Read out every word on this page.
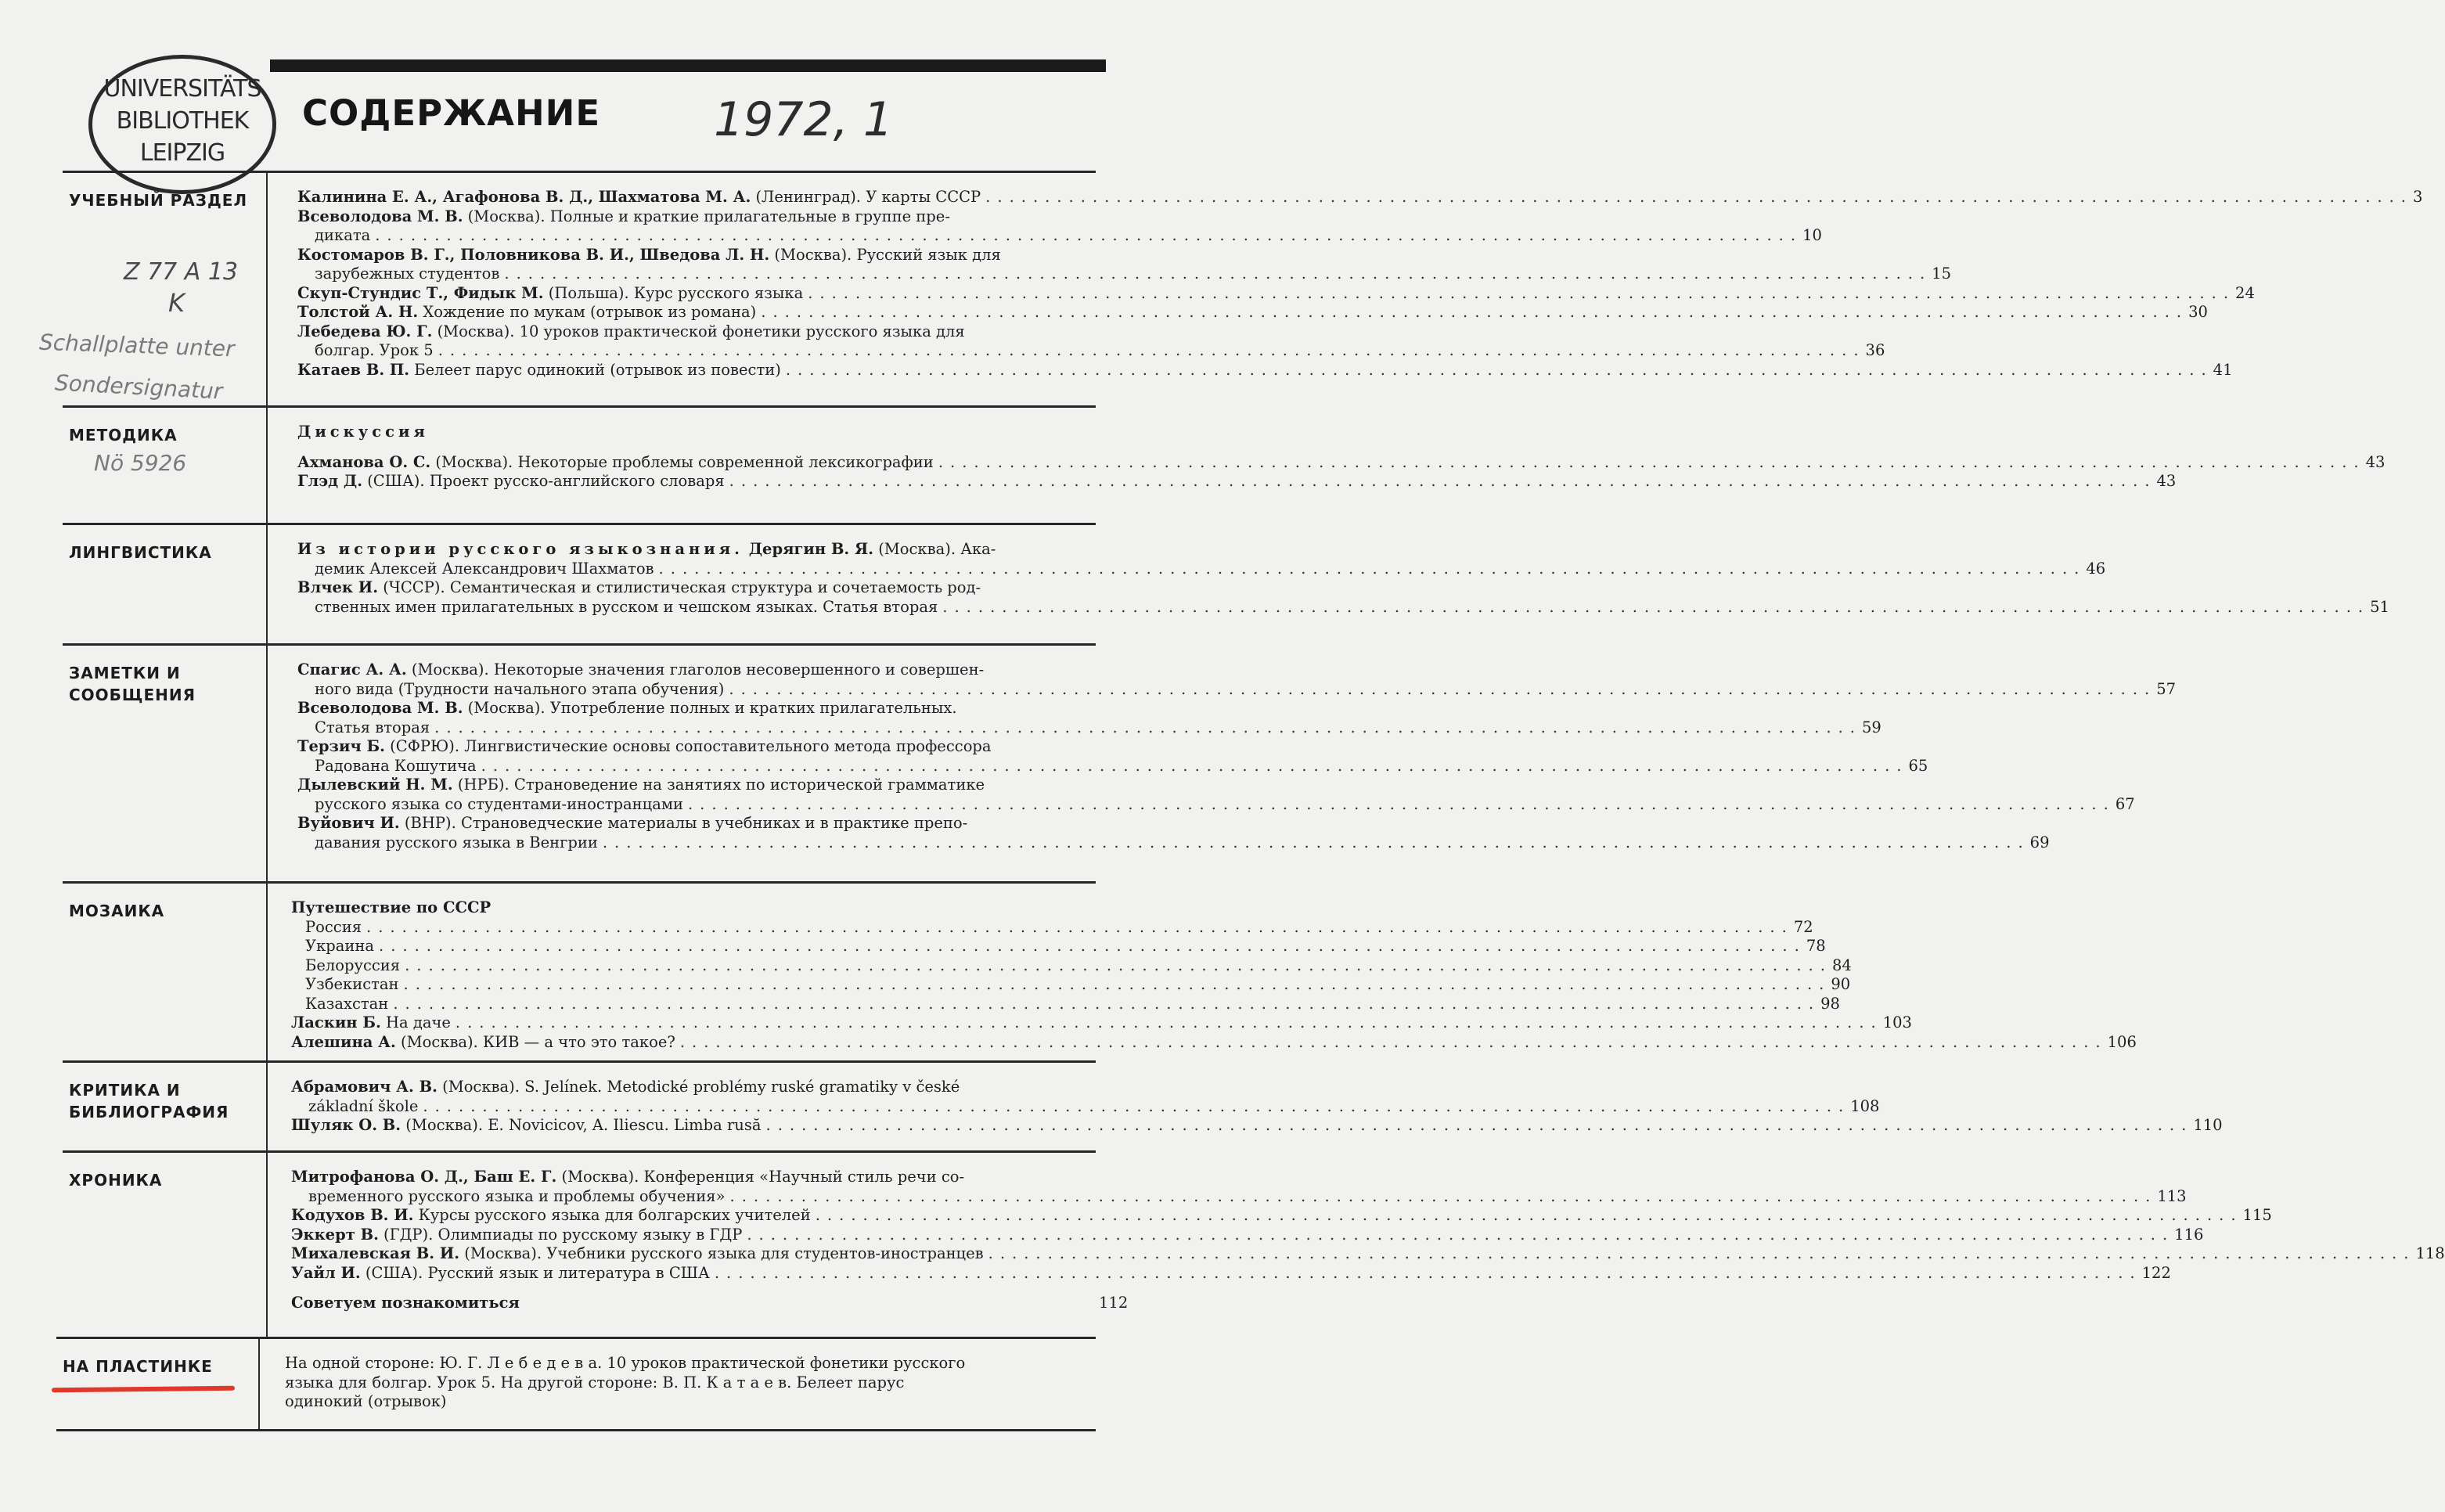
UNIVERSITÄTS
BIBLIOTHEK
LEIPZIG
СОДЕРЖАНИЕ 1972, 1
Z 77 A 13
K
Schallplatte unter
Sondersignatur
Nö 5926
УЧЕБНЫЙ РАЗДЕЛ	Калинина Е. А., Агафонова В. Д., Шахматова М. А. (Ленинград). У карты СССР ........................................................................................................................ 3
Всеволодова М. В. (Москва). Полные и краткие прилагательные в группе пре-
диката ........................................................................................................................ 10
Костомаров В. Г., Половникова В. И., Шведова Л. Н. (Москва). Русский язык для
зарубежных студентов ........................................................................................................................ 15
Скуп-Стундис Т., Фидык М. (Польша). Курс русского языка ........................................................................................................................ 24
Толстой А. Н. Хождение по мукам (отрывок из романа) ........................................................................................................................ 30
Лебедева Ю. Г. (Москва). 10 уроков практической фонетики русского языка для
болгар. Урок 5 ........................................................................................................................ 36
Катаев В. П. Белеет парус одинокий (отрывок из повести) ........................................................................................................................ 41
МЕТОДИКА	Дискуссия
Ахманова О. С. (Москва). Некоторые проблемы современной лексикографии ........................................................................................................................ 43
Глэд Д. (США). Проект русско-английского словаря ........................................................................................................................ 43
ЛИНГВИСТИКА	Из истории русского языкознания. Дерягин В. Я. (Москва). Ака-
демик Алексей Александрович Шахматов ........................................................................................................................ 46
Влчек И. (ЧССР). Семантическая и стилистическая структура и сочетаемость род-
ственных имен прилагательных в русском и чешском языках. Статья вторая ........................................................................................................................ 51
ЗАМЕТКИ И СООБЩЕНИЯ
Спагис А. А. (Москва). Некоторые значения глаголов несовершенного и совершен-
ного вида (Трудности начального этапа обучения) ........................................................................................................................ 57
Всеволодова М. В. (Москва). Употребление полных и кратких прилагательных.
Статья вторая ........................................................................................................................ 59
Терзич Б. (СФРЮ). Лингвистические основы сопоставительного метода профессора
Радована Кошутича ........................................................................................................................ 65
Дылевский Н. М. (НРБ). Страноведение на занятиях по исторической грамматике
русского языка со студентами-иностранцами ........................................................................................................................ 67
Вуйович И. (ВНР). Страноведческие материалы в учебниках и в практике препо-
давания русского языка в Венгрии ........................................................................................................................ 69
МОЗАИКА	Путешествие по СССР
Россия ........................................................................................................................ 72
Украина ........................................................................................................................ 78
Белоруссия ........................................................................................................................ 84
Узбекистан ........................................................................................................................ 90
Казахстан ........................................................................................................................ 98
Ласкин Б. На даче ........................................................................................................................ 103
Алешина А. (Москва). КИВ — а что это такое? ........................................................................................................................ 106
КРИТИКА И БИБЛИОГРАФИЯ
Абрамович А. В. (Москва). S. Jelínek. Metodické problémy ruské gramatiky v české
základní škole ........................................................................................................................ 108
Шуляк О. В. (Москва). E. Novicicov, A. Iliescu. Limba rusă ........................................................................................................................ 110
ХРОНИКА	Митрофанова О. Д., Баш Е. Г. (Москва). Конференция «Научный стиль речи со-
временного русского языка и проблемы обучения» ........................................................................................................................ 113
Кодухов В. И. Курсы русского языка для болгарских учителей ........................................................................................................................ 115
Эккерт В. (ГДР). Олимпиады по русскому языку в ГДР ........................................................................................................................ 116
Михалевская В. И. (Москва). Учебники русского языка для студентов-иностранцев ........................................................................................................................ 118
Уайл И. (США). Русский язык и литература в США ........................................................................................................................ 122
Советуем познакомиться	112
НА ПЛАСТИНКЕ	На одной стороне: Ю. Г. Л е б е д е в а. 10 уроков практической фонетики русского
языка для болгар. Урок 5. На другой стороне: В. П. К а т а е в. Белеет парус
одинокий (отрывок)
